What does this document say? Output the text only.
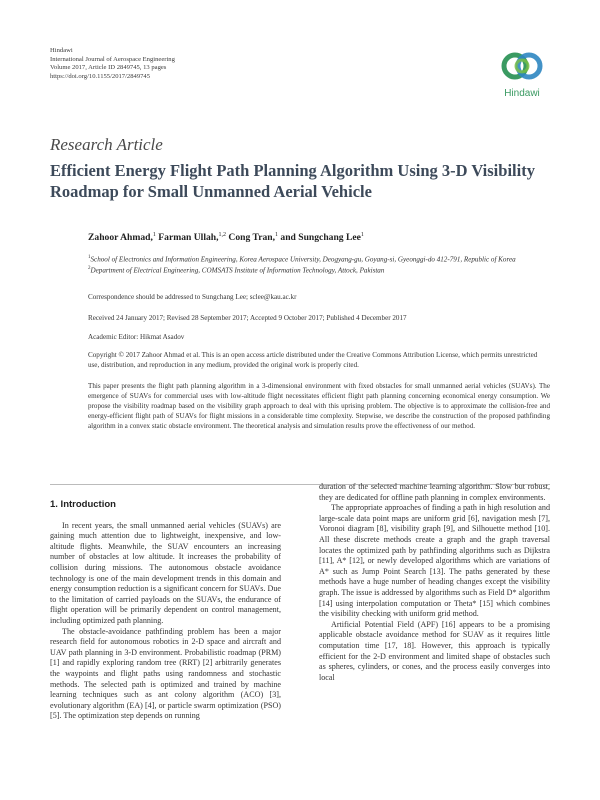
Hindawi
International Journal of Aerospace Engineering
Volume 2017, Article ID 2849745, 13 pages
https://doi.org/10.1155/2017/2849745
Hindawi
Research Article
Efficient Energy Flight Path Planning Algorithm Using 3-D Visibility Roadmap for Small Unmanned Aerial Vehicle
Zahoor Ahmad,$^1$ Farman Ullah,$^{1,2}$ Cong Tran,$^1$ and Sungchang Lee$^1$
$^1$School of Electronics and Information Engineering, Korea Aerospace University, Deogyang-gu, Goyang-si, Gyeonggi-do 412-791, Republic of Korea
$^2$Department of Electrical Engineering, COMSATS Institute of Information Technology, Attock, Pakistan
Correspondence should be addressed to Sungchang Lee; sclee@kau.ac.kr
Received 24 January 2017; Revised 28 September 2017; Accepted 9 October 2017; Published 4 December 2017
Academic Editor: Hikmat Asadov
Copyright © 2017 Zahoor Ahmad et al. This is an open access article distributed under the Creative Commons Attribution License, which permits unrestricted use, distribution, and reproduction in any medium, provided the original work is properly cited.
This paper presents the flight path planning algorithm in a 3-dimensional environment with fixed obstacles for small unmanned aerial vehicles (SUAVs). The emergence of SUAVs for commercial uses with low-altitude flight necessitates efficient flight path planning concerning economical energy consumption. We propose the visibility roadmap based on the visibility graph approach to deal with this uprising problem. The objective is to approximate the collision-free and energy-efficient flight path of SUAVs for flight missions in a considerable time complexity. Stepwise, we describe the construction of the proposed pathfinding algorithm in a convex static obstacle environment. The theoretical analysis and simulation results prove the effectiveness of our method.
1. Introduction

In recent years, the small unmanned aerial vehicles (SUAVs) are gaining much attention due to lightweight, inexpensive, and low-altitude flights. Meanwhile, the SUAV encounters an increasing number of obstacles at low altitude. It increases the probability of collision during missions. The autonomous obstacle avoidance technology is one of the main development trends in this domain and energy consumption reduction is a significant concern for SUAVs. Due to the limitation of carried payloads on the SUAVs, the endurance of flight operation will be primarily dependent on control management, including optimized path planning.

The obstacle-avoidance pathfinding problem has been a major research field for autonomous robotics in 2-D space and aircraft and UAV path planning in 3-D environment. Probabilistic roadmap (PRM) [1] and rapidly exploring random tree (RRT) [2] arbitrarily generates the waypoints and flight paths using randomness and stochastic methods. The selected path is optimized and trained by machine learning techniques such as ant colony algorithm (ACO) [3], evolutionary algorithm (EA) [4], or particle swarm optimization (PSO) [5]. The optimization step depends on running

duration of the selected machine learning algorithm. Slow but robust, they are dedicated for offline path planning in complex environments.

The appropriate approaches of finding a path in high resolution and large-scale data point maps are uniform grid [6], navigation mesh [7], Voronoi diagram [8], visibility graph [9], and Silhouette method [10]. All these discrete methods create a graph and the graph traversal locates the optimized path by pathfinding algorithms such as Dijkstra [11], A* [12], or newly developed algorithms which are variations of A* such as Jump Point Search [13]. The paths generated by these methods have a huge number of heading changes except the visibility graph. The issue is addressed by algorithms such as Field D* algorithm [14] using interpolation computation or Theta* [15] which combines the visibility checking with uniform grid method.

Artificial Potential Field (APF) [16] appears to be a promising applicable obstacle avoidance method for SUAV as it requires little computation time [17, 18]. However, this approach is typically efficient for the 2-D environment and limited shape of obstacles such as spheres, cylinders, or cones, and the process easily converges into local
